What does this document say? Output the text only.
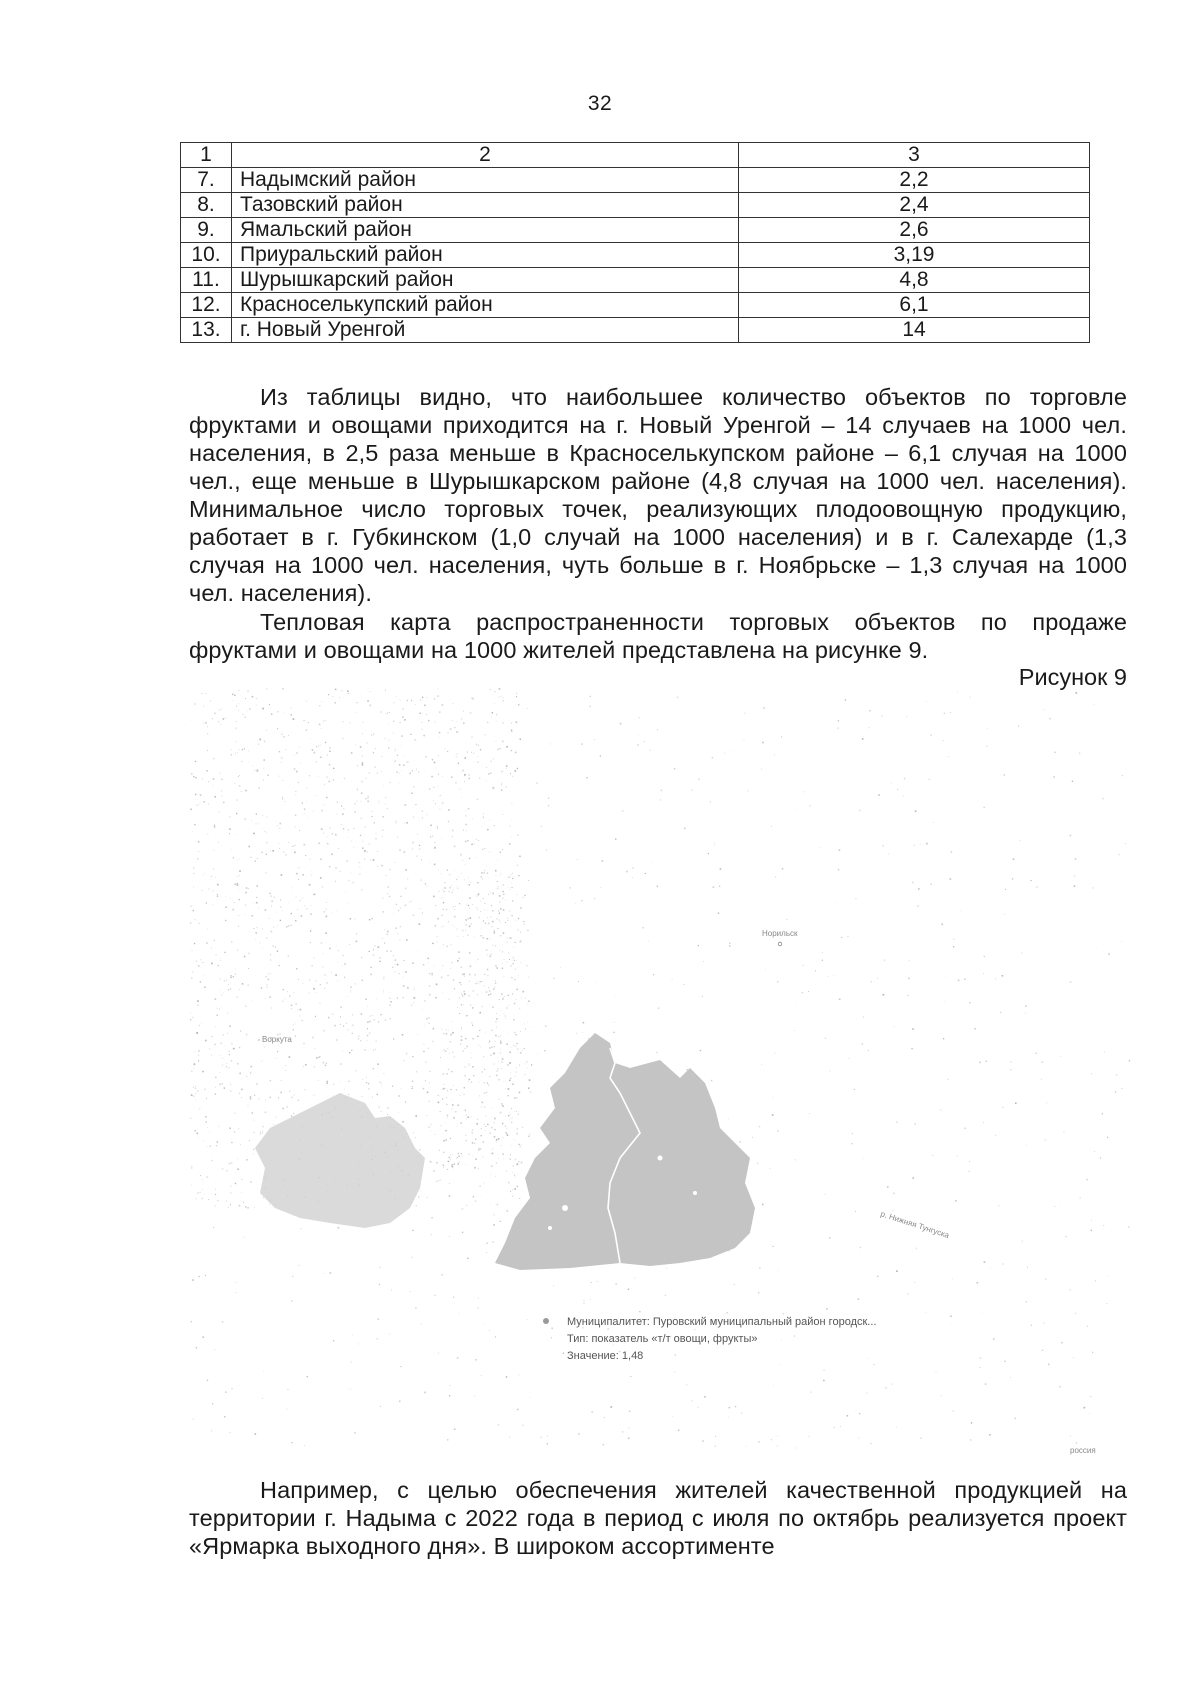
32
1	2	3
7.	Надымский район	2,2
8.	Тазовский район	2,4
9.	Ямальский район	2,6
10.	Приуральский район	3,19
11.	Шурышкарский район	4,8
12.	Красноселькупский район	6,1
13.	г. Новый Уренгой	14

Из таблицы видно, что наибольшее количество объектов по торговле фруктами и овощами приходится на г. Новый Уренгой – 14 случаев на 1000 чел. населения, в 2,5 раза меньше в Красноселькупском районе – 6,1 случая на 1000 чел., еще меньше в Шурышкарском районе (4,8 случая на 1000 чел. населения). Минимальное число торговых точек, реализующих плодоовощную продукцию, работает в г. Губкинском (1,0 случай на 1000 населения) и в г. Салехарде (1,3 случая на 1000 чел. населения, чуть больше в г. Ноябрьске – 1,3 случая на 1000 чел. населения).

Тепловая карта распространенности торговых объектов по продаже фруктами и овощами на 1000 жителей представлена на рисунке 9.

Рисунок 9
Норильск
Воркута
р. Нижняя Тунгуска
россия
Муниципалитет: Пуровский муниципальный район городск...
Тип: показатель «т/т овощи, фрукты»
Значение: 1,48

Например, с целью обеспечения жителей качественной продукцией на территории г. Надыма с 2022 года в период с июля по октябрь реализуется проект «Ярмарка выходного дня». В широком ассортименте
